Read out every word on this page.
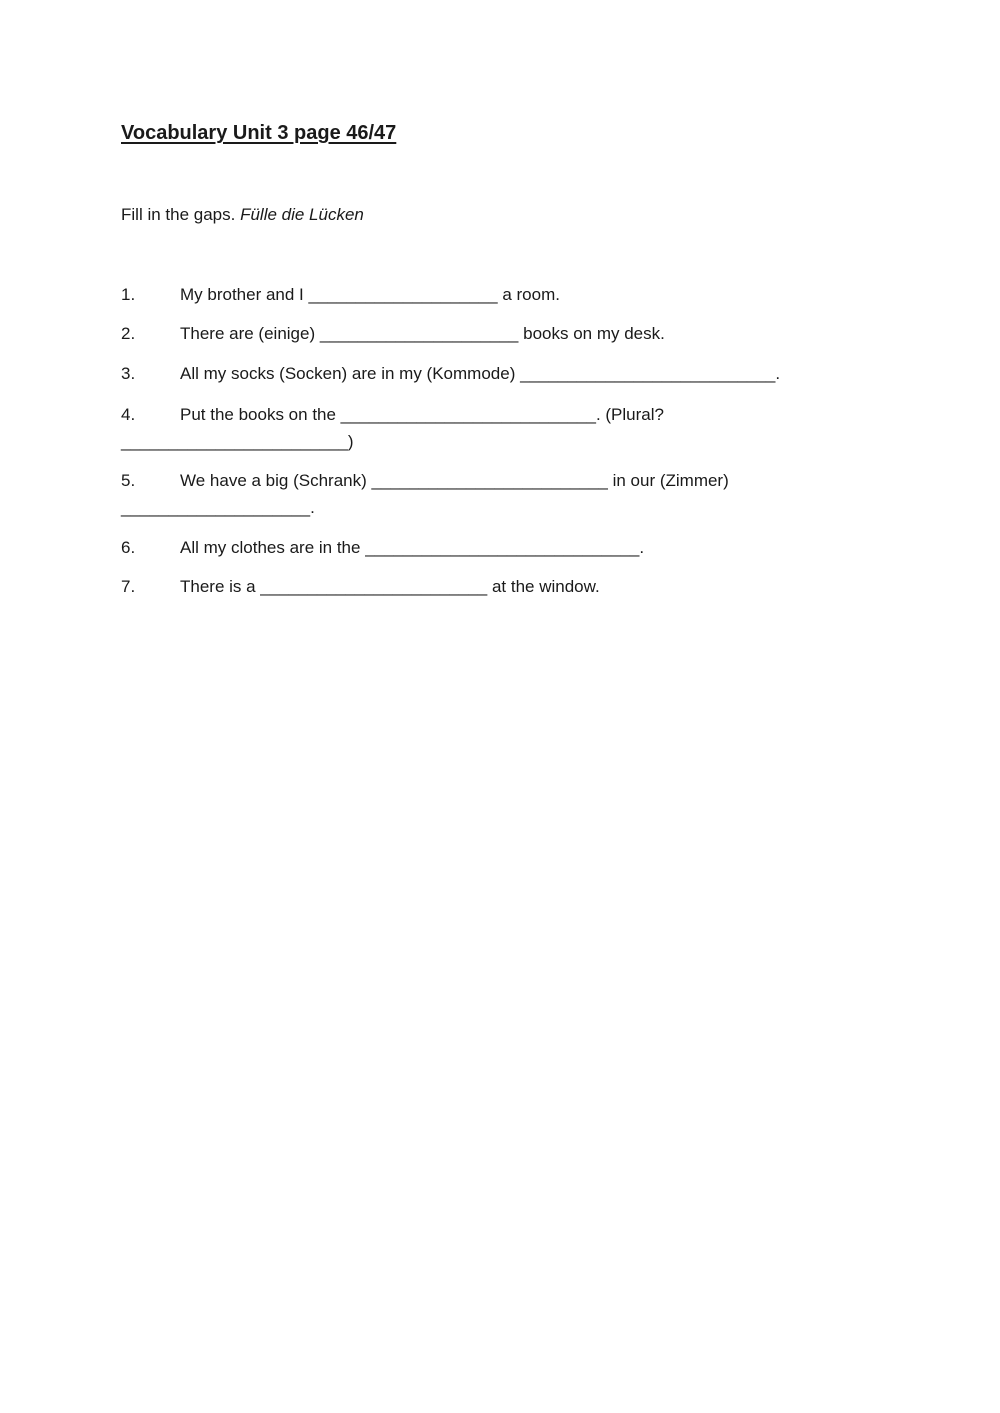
Vocabulary Unit 3 page 46/47
Fill in the gaps. Fülle die Lücken
1.	My brother and I ____________________ a room.
2.	There are (einige) _____________________ books on my desk.
3.	All my socks (Socken) are in my (Kommode) ___________________________.
4.	Put the books on the ___________________________. (Plural?
________________________)
5.	We have a big (Schrank) _________________________ in our (Zimmer)
____________________.
6.	All my clothes are in the _____________________________.
7.	There is a ________________________ at the window.
